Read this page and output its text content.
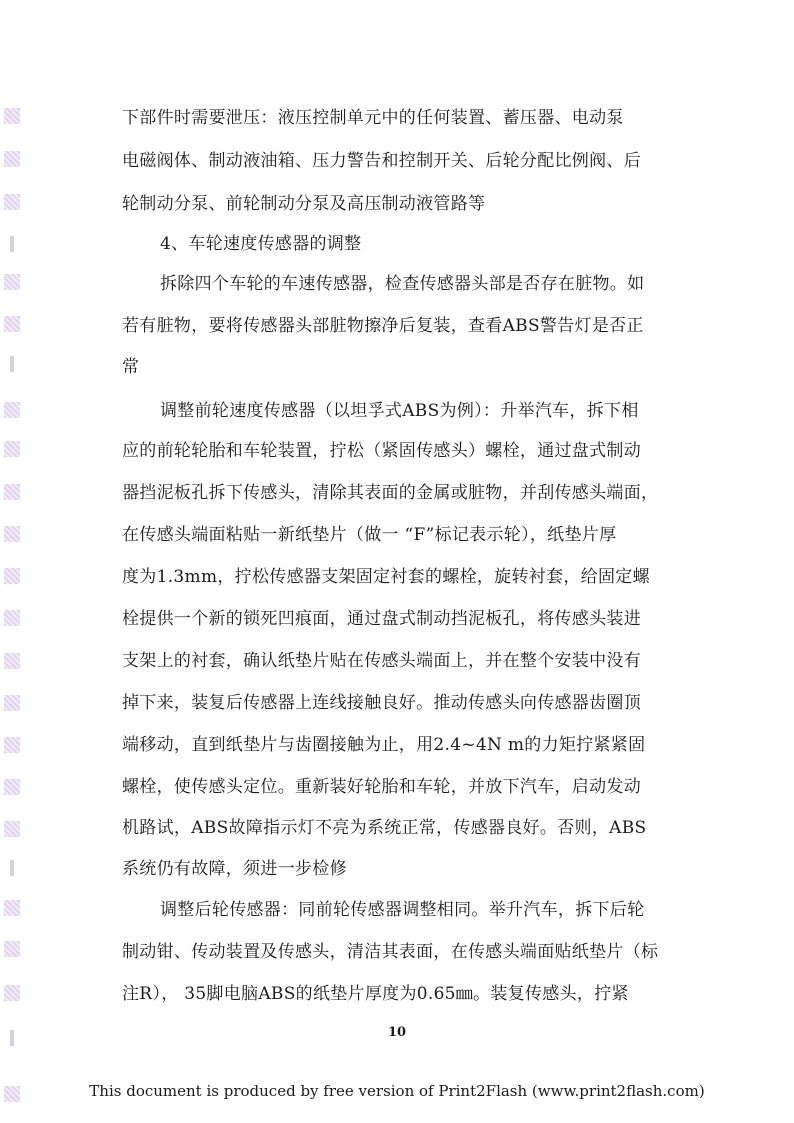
下部件时需要泄压：液压控制单元中的任何装置、蓄压器、电动泵
电磁阀体、制动液油箱、压力警告和控制开关、后轮分配比例阀、后
轮制动分泵、前轮制动分泵及高压制动液管路等
4、车轮速度传感器的调整
拆除四个车轮的车速传感器，检查传感器头部是否存在脏物。如
若有脏物，要将传感器头部脏物擦净后复装，查看ABS警告灯是否正
常
调整前轮速度传感器（以坦孚式ABS为例）：升举汽车，拆下相
应的前轮轮胎和车轮装置，拧松（紧固传感头）螺栓，通过盘式制动
器挡泥板孔拆下传感头，清除其表面的金属或脏物，并刮传感头端面，
在传感头端面粘贴一新纸垫片（做一 “F”标记表示轮），纸垫片厚
度为1.3mm，拧松传感器支架固定衬套的螺栓，旋转衬套，给固定螺
栓提供一个新的锁死凹痕面，通过盘式制动挡泥板孔，将传感头装进
支架上的衬套，确认纸垫片贴在传感头端面上，并在整个安装中没有
掉下来，装复后传感器上连线接触良好。推动传感头向传感器齿圈顶
端移动，直到纸垫片与齿圈接触为止，用2.4~4N m的力矩拧紧紧固
螺栓，使传感头定位。重新装好轮胎和车轮，并放下汽车，启动发动
机路试，ABS故障指示灯不亮为系统正常，传感器良好。否则，ABS
系统仍有故障，须进一步检修
调整后轮传感器：同前轮传感器调整相同。举升汽车，拆下后轮
制动钳、传动装置及传感头，清洁其表面，在传感头端面贴纸垫片（标
注R）， 35脚电脑ABS的纸垫片厚度为0.65㎜。装复传感头，拧紧
10
This document is produced by free version of Print2Flash (www.print2flash.com)
